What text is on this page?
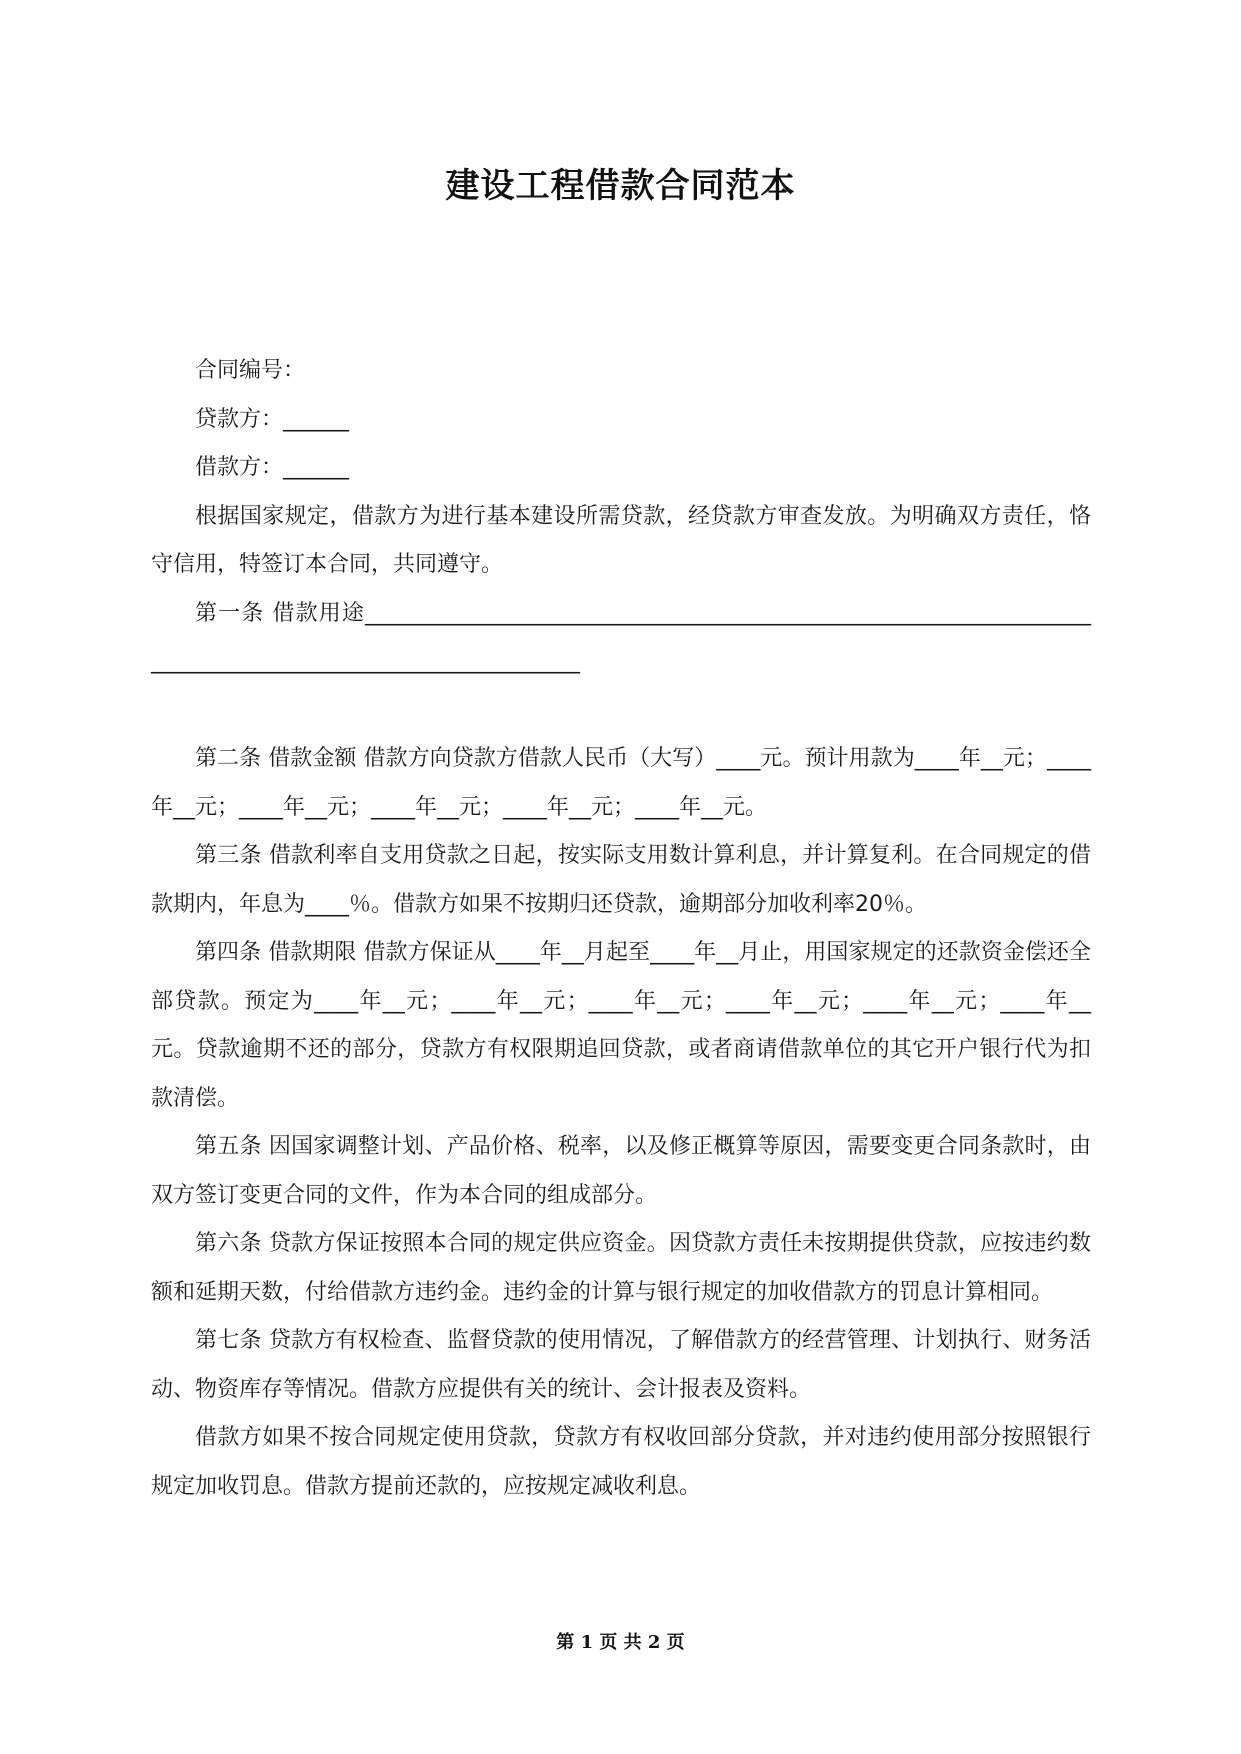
建设工程借款合同范本

合同编号：

贷款方：______

借款方：______

根据国家规定，借款方为进行基本建设所需贷款，经贷款方审查发放。为明确双方责任，恪守信用，特签订本合同，共同遵守。

第一条 借款用途_________________________________________________________________________________________________________

第二条 借款金额 借款方向贷款方借款人民币（大写）____元。预计用款为____年__元；____年__元；____年__元；____年__元；____年__元；____年__元。

第三条 借款利率自支用贷款之日起，按实际支用数计算利息，并计算复利。在合同规定的借款期内，年息为____％。借款方如果不按期归还贷款，逾期部分加收利率20％。

第四条 借款期限 借款方保证从____年__月起至____年__月止，用国家规定的还款资金偿还全部贷款。预定为____年__元；____年__元；____年__元；____年__元；____年__元；____年__元。贷款逾期不还的部分，贷款方有权限期追回贷款，或者商请借款单位的其它开户银行代为扣款清偿。

第五条 因国家调整计划、产品价格、税率，以及修正概算等原因，需要变更合同条款时，由双方签订变更合同的文件，作为本合同的组成部分。

第六条 贷款方保证按照本合同的规定供应资金。因贷款方责任未按期提供贷款，应按违约数额和延期天数，付给借款方违约金。违约金的计算与银行规定的加收借款方的罚息计算相同。

第七条 贷款方有权检查、监督贷款的使用情况，了解借款方的经营管理、计划执行、财务活动、物资库存等情况。借款方应提供有关的统计、会计报表及资料。

借款方如果不按合同规定使用贷款，贷款方有权收回部分贷款，并对违约使用部分按照银行规定加收罚息。借款方提前还款的，应按规定减收利息。

第 1 页 共 2 页
